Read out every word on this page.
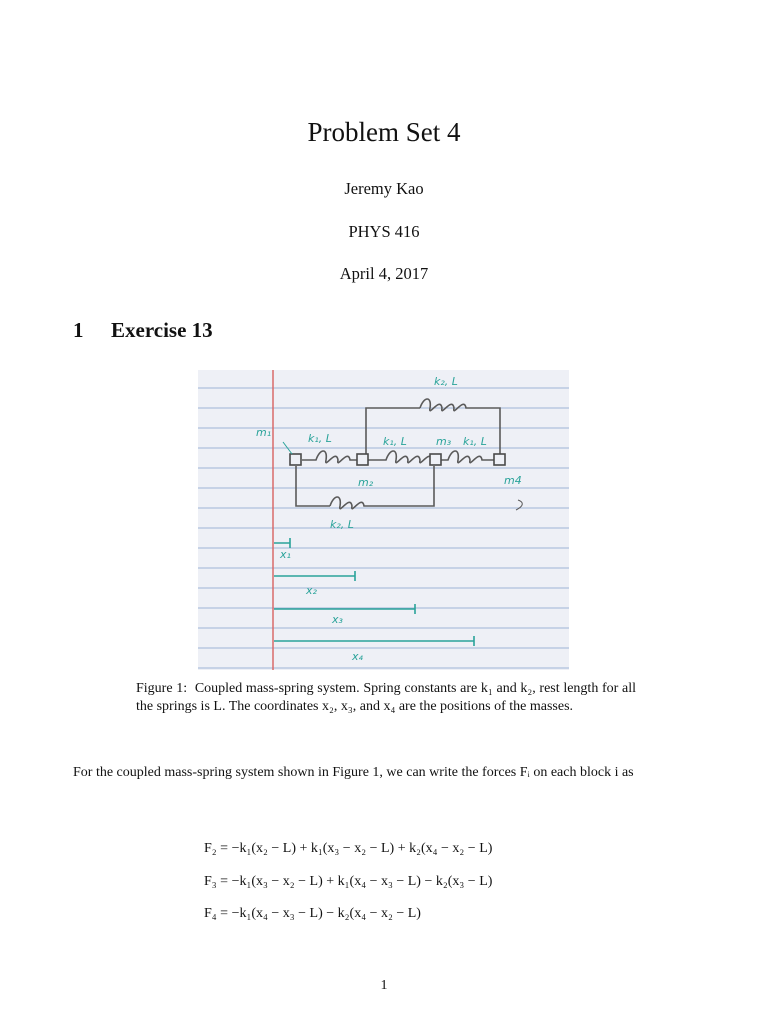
Problem Set 4
Jeremy Kao
PHYS 416
April 4, 2017
1 Exercise 13
k₂, L
m₁	k₁, L	k₁, L	m₃ k₁, L
m₂	m4
k₂, L
x₁
x₂
x₃
x₄
Figure 1: Coupled mass-spring system. Spring constants are k₁ and k₂, rest length for all the springs is L. The coordinates x₂, x₃, and x₄ are the positions of the masses.
For the coupled mass-spring system shown in Figure 1, we can write the forces Fᵢ on each block i as
F₂ = −k₁(x₂ − L) + k₁(x₃ − x₂ − L) + k₂(x₄ − x₂ − L)
F₃ = −k₁(x₃ − x₂ − L) + k₁(x₄ − x₃ − L) − k₂(x₃ − L)
F₄ = −k₁(x₄ − x₃ − L) − k₂(x₄ − x₂ − L)
1
